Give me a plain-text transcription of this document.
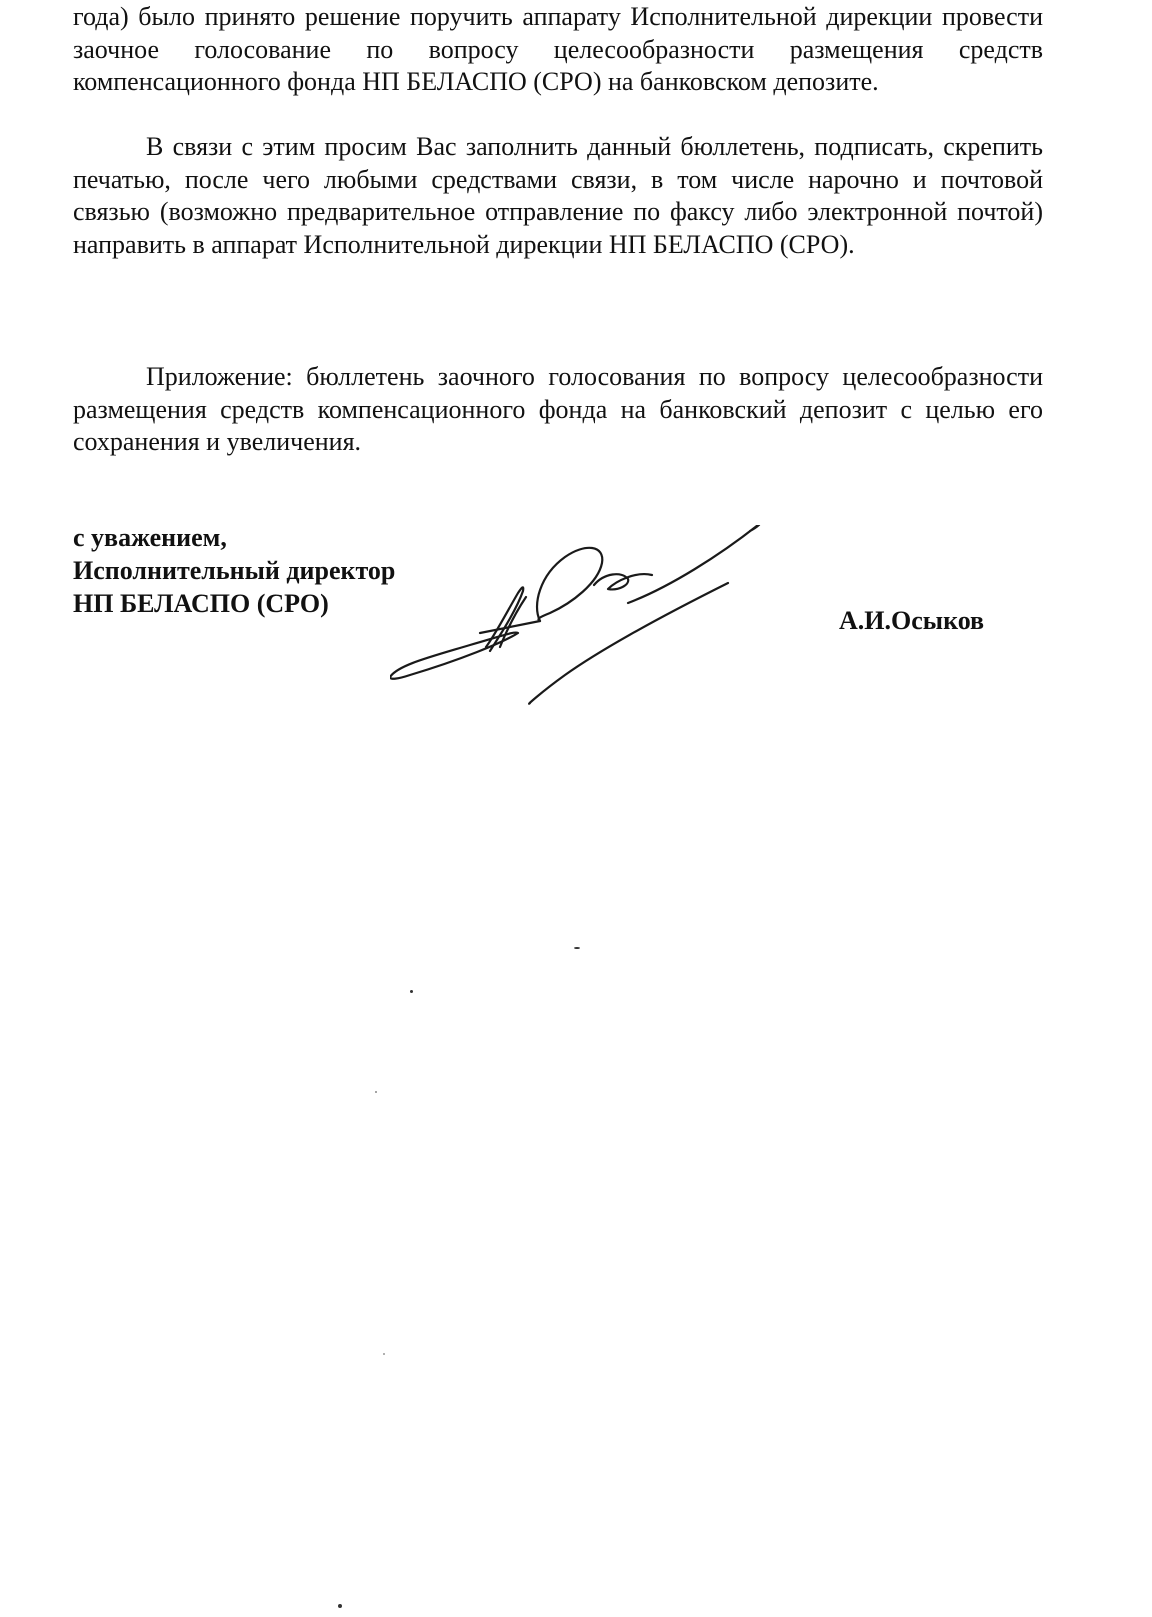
года) было принято решение поручить аппарату Исполнительной дирекции провести заочное голосование по вопросу целесообразности размещения средств компенсационного фонда НП БЕЛАСПО (СРО) на банковском депозите.

В связи с этим просим Вас заполнить данный бюллетень, подписать, скрепить печатью, после чего любыми средствами связи, в том числе нарочно и почтовой связью (возможно предварительное отправление по факсу либо электронной почтой) направить в аппарат Исполнительной дирекции НП БЕЛАСПО (СРО).

Приложение: бюллетень заочного голосования по вопросу целесообразности размещения средств компенсационного фонда на банковский депозит с целью его сохранения и увеличения.

с уважением,
Исполнительный директор
НП БЕЛАСПО (СРО)
А.И.Осыков
